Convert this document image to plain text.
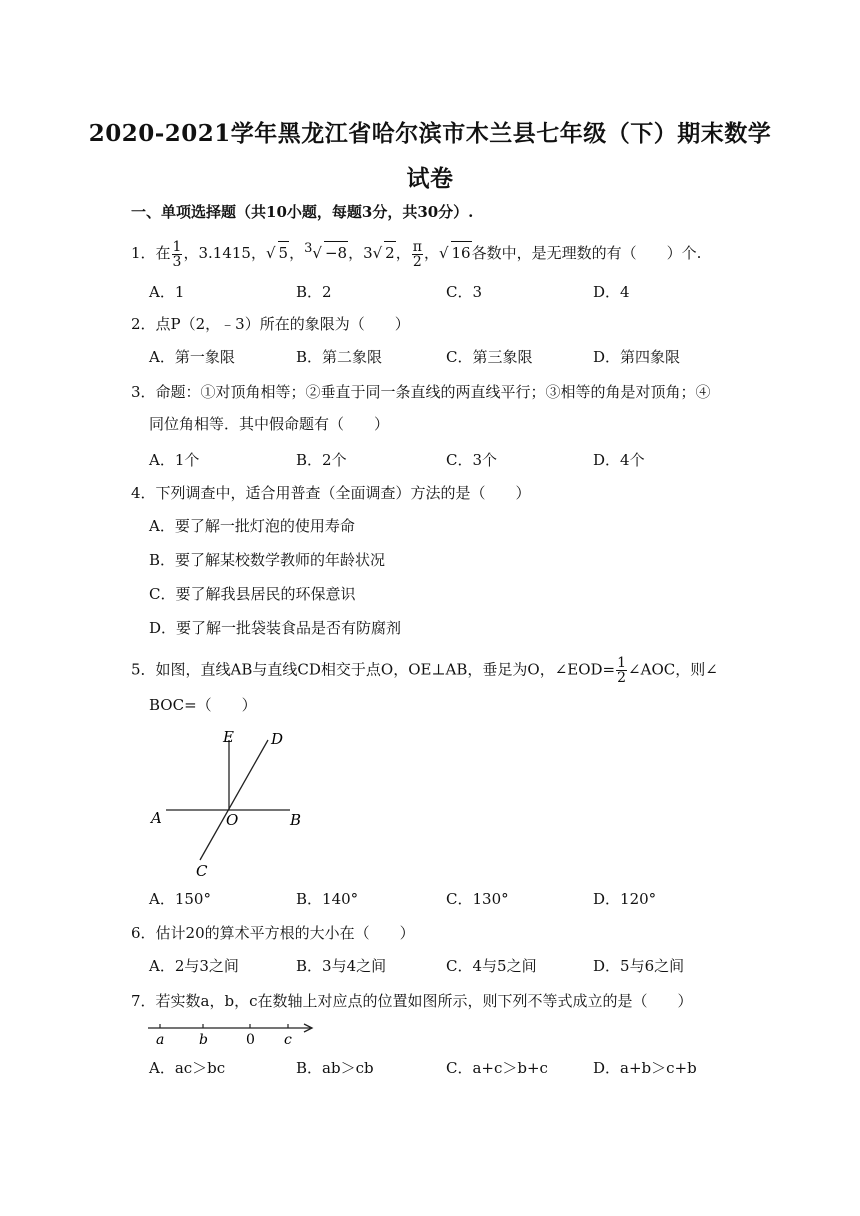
2020-2021学年黑龙江省哈尔滨市木兰县七年级（下）期末数学
试卷
一、单项选择题（共10小题，每题3分，共30分）.
1．在 $\frac{1}{3}$ ，3.1415，√ 5，$^3$√ −8，3√ 2， $\frac{\pi}{2}$ ，√ 16各数中，是无理数的有（　　）个.
A．1	B．2	C．3	D．4
2．点P（2，﹣3）所在的象限为（　　）
A．第一象限	B．第二象限	C．第三象限	D．第四象限
3．命题：①对顶角相等；②垂直于同一条直线的两直线平行；③相等的角是对顶角；④
同位角相等．其中假命题有（　　）
A．1个	B．2个	C．3个	D．4个
4．下列调查中，适合用普查（全面调查）方法的是（　　）
A．要了解一批灯泡的使用寿命
B．要了解某校数学教师的年龄状况
C．要了解我县居民的环保意识
D．要了解一批袋装食品是否有防腐剂
5．如图，直线AB与直线CD相交于点O，OE⊥AB，垂足为O，∠EOD= $\frac{1}{2}$ ∠AOC，则∠
BOC=（　　）
E D
A	O	B
C
A．150°	B．140°	C．130°	D．120°
6．估计20的算术平方根的大小在（　　）
A．2与3之间	B．3与4之间	C．4与5之间	D．5与6之间
7．若实数a，b，c在数轴上对应点的位置如图所示，则下列不等式成立的是（　　）
a b	0 c
A．ac＞bc	B．ab＞cb	C．a+c＞b+c	D．a+b＞c+b
